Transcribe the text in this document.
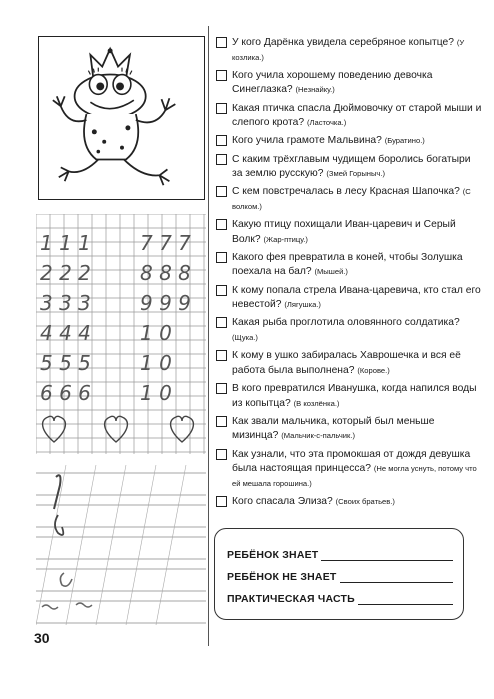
1 1 1 7 7 7
2 2 2 8 8 8
3 3 3 9 9 9
4 4 4 1 0
5 5 5 1 0
6 6 6 1 0
30
У кого Дарёнка увидела серебряное копытце? (У козлика.)
Кого учила хорошему поведению девочка Синеглазка? (Незнайку.)
Какая птичка спасла Дюймовочку от старой мыши и слепого крота? (Ласточка.)
Кого учила грамоте Мальвина? (Буратино.)
С каким трёхглавым чудищем боролись богатыри за землю русскую? (Змей Горыныч.)
С кем повстречалась в лесу Красная Шапочка? (С волком.)
Какую птицу похищали Иван-царевич и Серый Волк? (Жар-птицу.)
Какого фея превратила в коней, чтобы Золушка поехала на бал? (Мышей.)
К кому попала стрела Ивана-царевича, кто стал его невестой? (Лягушка.)
Какая рыба проглотила оловянного солдатика? (Щука.)
К кому в ушко забиралась Хаврошечка и вся её работа была выполнена? (Корове.)
В кого превратился Иванушка, когда напился воды из копытца? (В козлёнка.)
Как звали мальчика, который был меньше мизинца? (Мальчик-с-пальчик.)
Как узнали, что эта промокшая от дождя девушка была настоящая принцесса? (Не могла уснуть, потому что ей мешала горошина.)
Кого спасала Элиза? (Своих братьев.)
РЕБЁНОК ЗНАЕТ
РЕБЁНОК НЕ ЗНАЕТ
ПРАКТИЧЕСКАЯ ЧАСТЬ
